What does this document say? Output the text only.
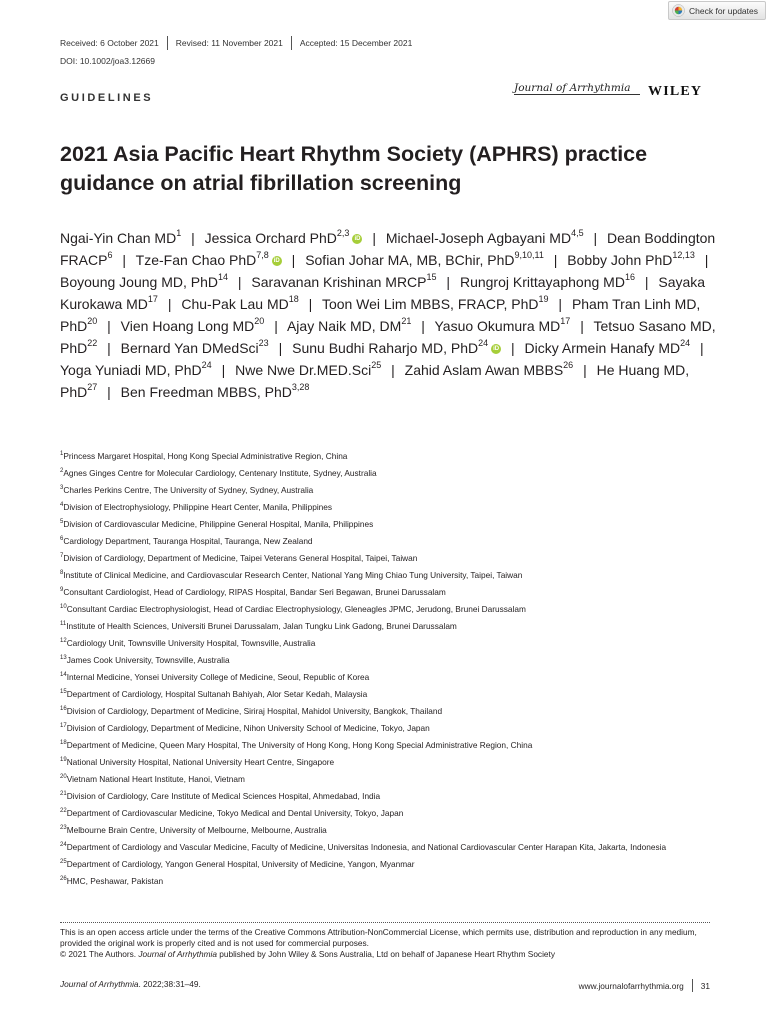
Check for updates
Received: 6 October 2021 Revised: 11 November 2021 Accepted: 15 December 2021
DOI: 10.1002/joa3.12669
GUIDELINES
Journal of Arrhythmia WILEY
2021 Asia Pacific Heart Rhythm Society (APHRS) practice guidance on atrial fibrillation screening
Ngai-Yin Chan $MD^1$ | Jessica Orchard PhD$^{2,3}$iD | Michael-Joseph Agbayani MD$^{4,5}$ | Dean Boddington FRACP$^6$ | Tze-Fan Chao PhD$^{7,8}$iD | Sofian Johar MA, MB, BChir, PhD$^{9,10,11}$ | Bobby John PhD$^{12,13}$ | Boyoung Joung MD, PhD$^{14}$ | Saravanan Krishinan MRCP$^{15}$ | Rungroj Krittayaphong MD$^{16}$ | Sayaka Kurokawa MD$^{17}$ | Chu-Pak Lau MD$^{18}$ | Toon Wei Lim MBBS, FRACP, PhD$^{19}$ | Pham Tran Linh MD, PhD$^{20}$ | Vien Hoang Long MD$^{20}$ | Ajay Naik MD, DM$^{21}$ | Yasuo Okumura MD$^{17}$ | Tetsuo Sasano MD, PhD$^{22}$ | Bernard Yan DMedSci$^{23}$ | Sunu Budhi Raharjo MD, PhD$^{24}$iD | Dicky Armein Hanafy MD$^{24}$ | Yoga Yuniadi MD, PhD$^{24}$ | Nwe Nwe Dr.MED.Sci$^{25}$ | Zahid Aslam Awan MBBS$^{26}$ | He Huang MD, PhD$^{27}$ | Ben Freedman MBBS, PhD$^{3,28}$
$^1$Princess Margaret Hospital, Hong Kong Special Administrative Region, China
$^2$Agnes Ginges Centre for Molecular Cardiology, Centenary Institute, Sydney, Australia
$^3$Charles Perkins Centre, The University of Sydney, Sydney, Australia
$^4$Division of Electrophysiology, Philippine Heart Center, Manila, Philippines
$^5$Division of Cardiovascular Medicine, Philippine General Hospital, Manila, Philippines
$^6$Cardiology Department, Tauranga Hospital, Tauranga, New Zealand
$^7$Division of Cardiology, Department of Medicine, Taipei Veterans General Hospital, Taipei, Taiwan
$^8$Institute of Clinical Medicine, and Cardiovascular Research Center, National Yang Ming Chiao Tung University, Taipei, Taiwan
$^9$Consultant Cardiologist, Head of Cardiology, RIPAS Hospital, Bandar Seri Begawan, Brunei Darussalam
$^{10}$Consultant Cardiac Electrophysiologist, Head of Cardiac Electrophysiology, Gleneagles JPMC, Jerudong, Brunei Darussalam
$^{11}$Institute of Health Sciences, Universiti Brunei Darussalam, Jalan Tungku Link Gadong, Brunei Darussalam
$^{12}$Cardiology Unit, Townsville University Hospital, Townsville, Australia
$^{13}$James Cook University, Townsville, Australia
$^{14}$Internal Medicine, Yonsei University College of Medicine, Seoul, Republic of Korea
$^{15}$Department of Cardiology, Hospital Sultanah Bahiyah, Alor Setar Kedah, Malaysia
$^{16}$Division of Cardiology, Department of Medicine, Siriraj Hospital, Mahidol University, Bangkok, Thailand
$^{17}$Division of Cardiology, Department of Medicine, Nihon University School of Medicine, Tokyo, Japan
$^{18}$Department of Medicine, Queen Mary Hospital, The University of Hong Kong, Hong Kong Special Administrative Region, China
$^{19}$National University Hospital, National University Heart Centre, Singapore
$^{20}$Vietnam National Heart Institute, Hanoi, Vietnam
$^{21}$Division of Cardiology, Care Institute of Medical Sciences Hospital, Ahmedabad, India
$^{22}$Department of Cardiovascular Medicine, Tokyo Medical and Dental University, Tokyo, Japan
$^{23}$Melbourne Brain Centre, University of Melbourne, Melbourne, Australia
$^{24}$Department of Cardiology and Vascular Medicine, Faculty of Medicine, Universitas Indonesia, and National Cardiovascular Center Harapan Kita, Jakarta, Indonesia
$^{25}$Department of Cardiology, Yangon General Hospital, University of Medicine, Yangon, Myanmar
$^{26}$HMC, Peshawar, Pakistan
This is an open access article under the terms of the Creative Commons Attribution-NonCommercial License, which permits use, distribution and reproduction in any medium, provided the original work is properly cited and is not used for commercial purposes.
© 2021 The Authors. Journal of Arrhythmia published by John Wiley & Sons Australia, Ltd on behalf of Japanese Heart Rhythm Society
Journal of Arrhythmia. 2022;38:31–49.	www.journalofarrhythmia.org 31
